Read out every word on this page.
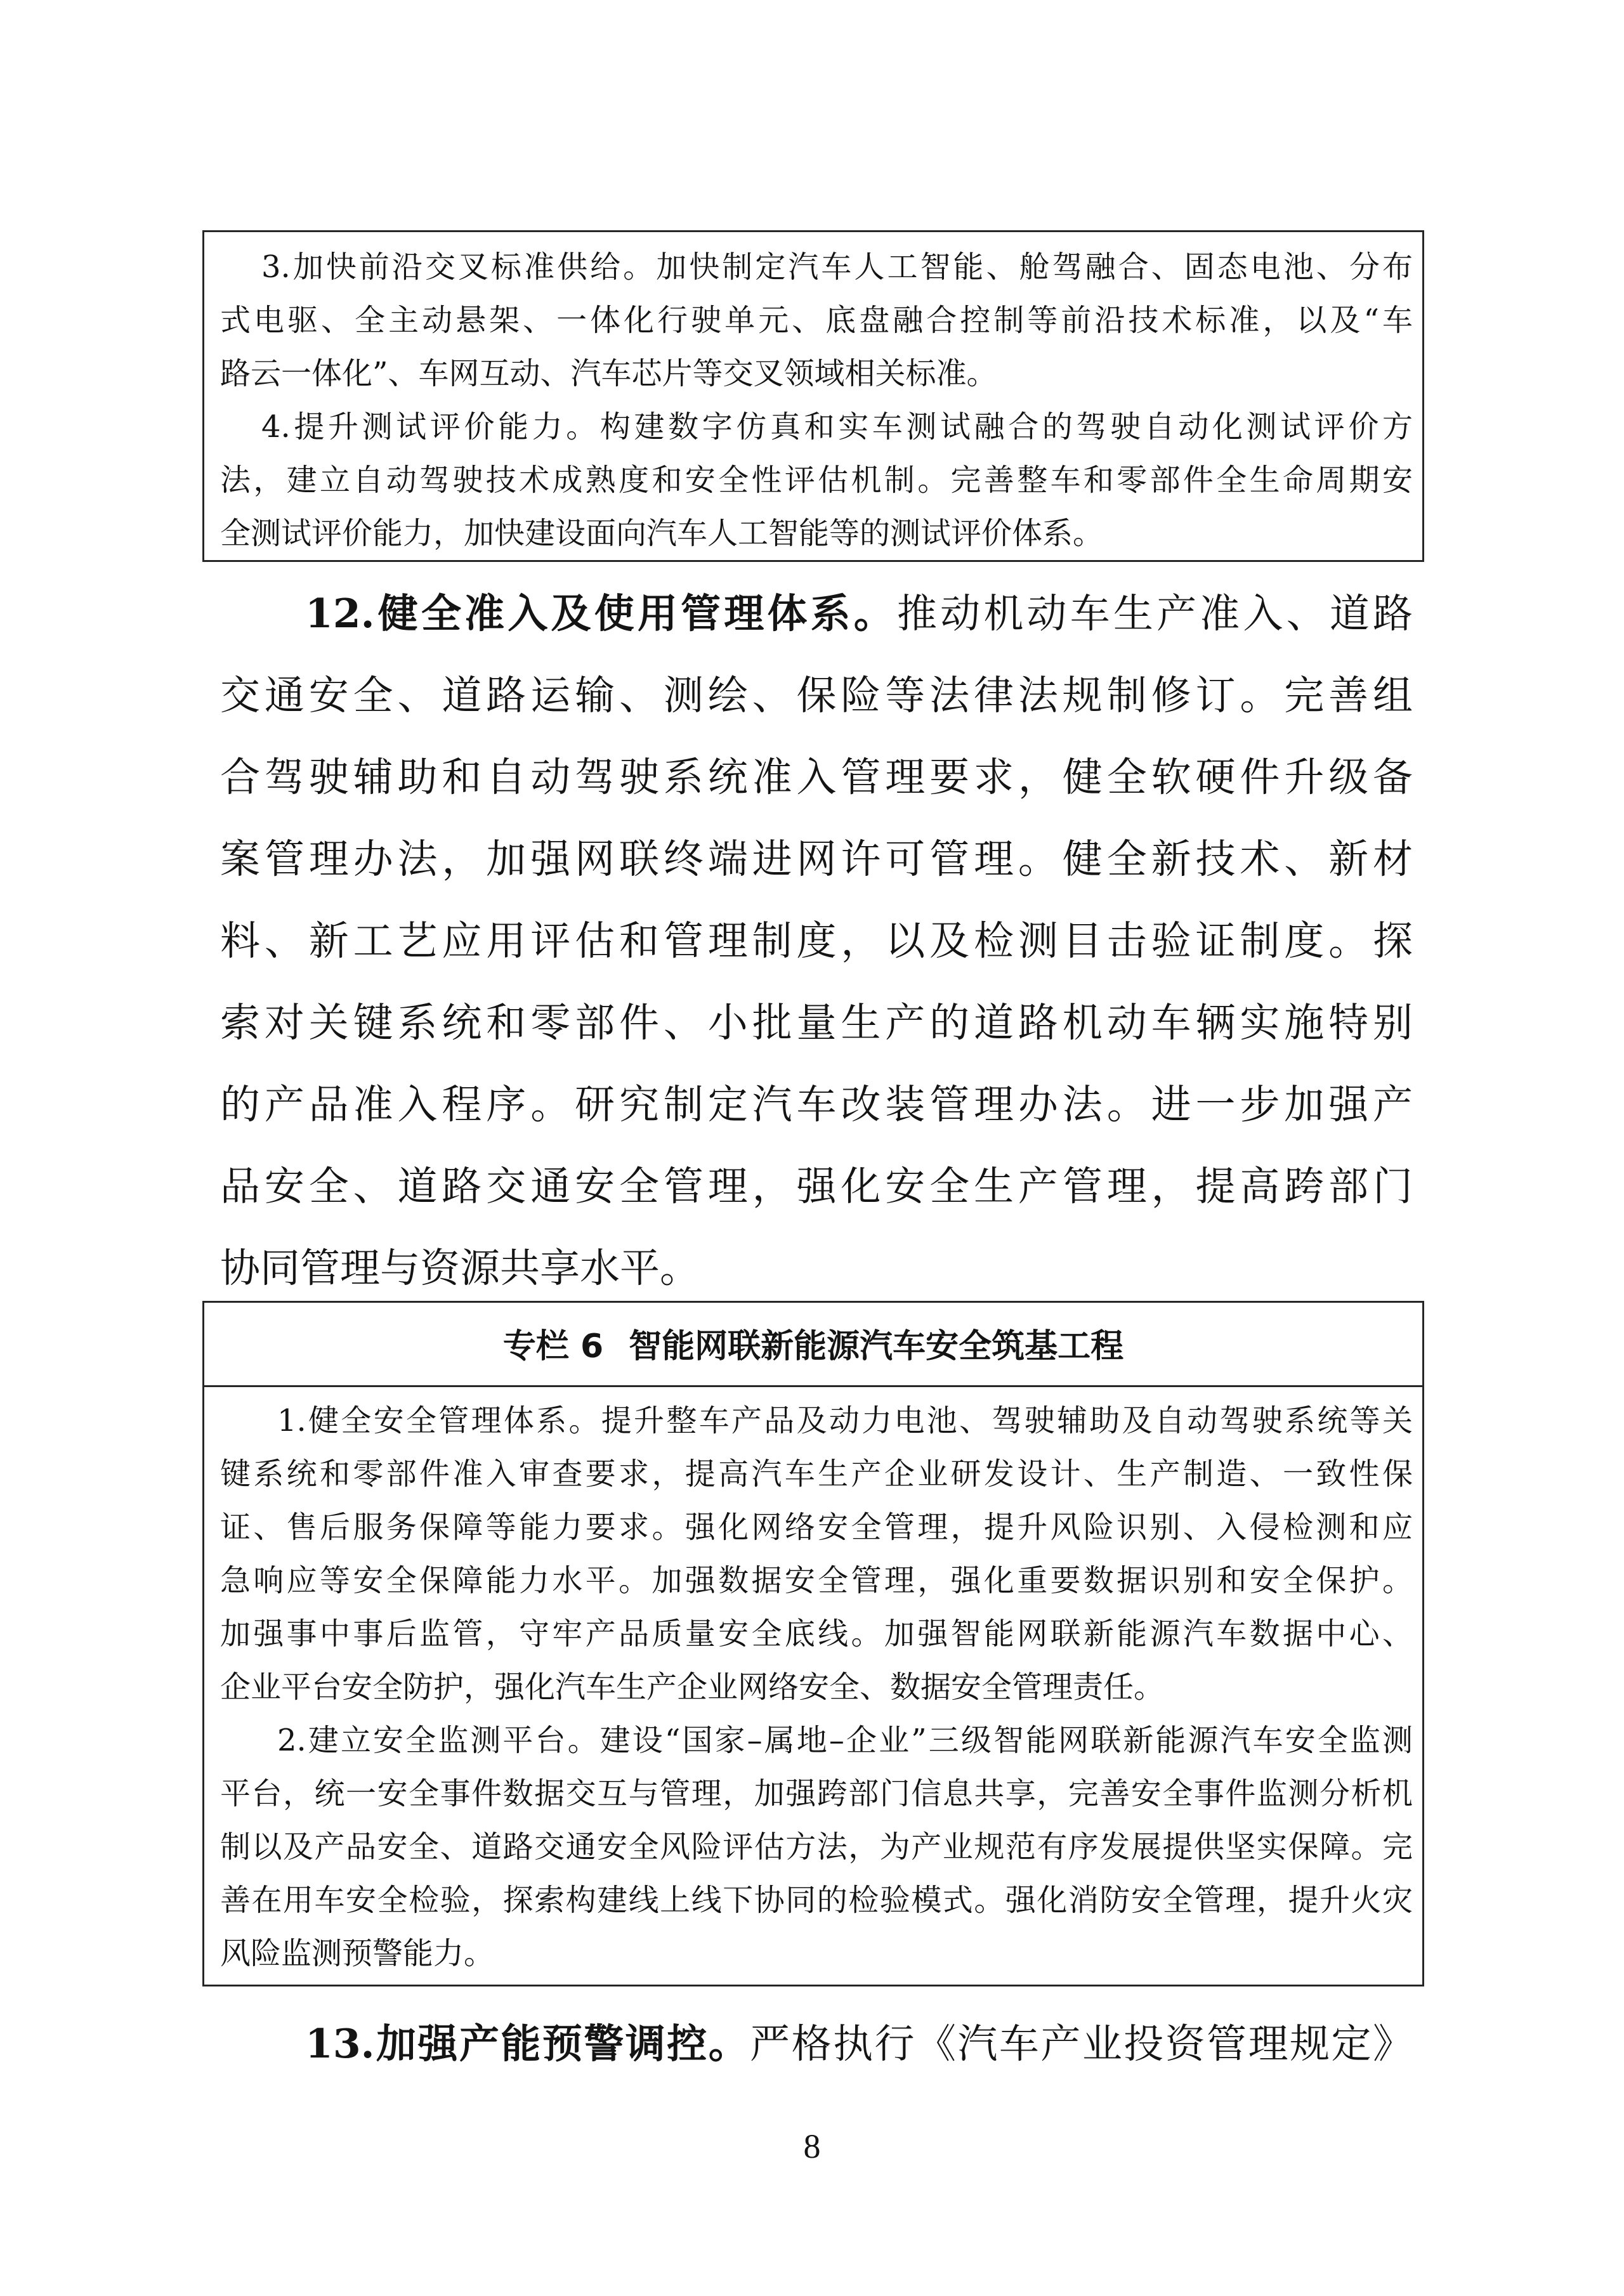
3.加快前沿交叉标准供给。加快制定汽车人工智能、舱驾融合、固态电池、分布
式电驱、全主动悬架、一体化行驶单元、底盘融合控制等前沿技术标准，以及“车
路云一体化”、车网互动、汽车芯片等交叉领域相关标准。
4.提升测试评价能力。构建数字仿真和实车测试融合的驾驶自动化测试评价方
法，建立自动驾驶技术成熟度和安全性评估机制。完善整车和零部件全生命周期安
全测试评价能力，加快建设面向汽车人工智能等的测试评价体系。
12.健全准入及使用管理体系。推动机动车生产准入、道路
交通安全、道路运输、测绘、保险等法律法规制修订。完善组
合驾驶辅助和自动驾驶系统准入管理要求，健全软硬件升级备
案管理办法，加强网联终端进网许可管理。健全新技术、新材
料、新工艺应用评估和管理制度，以及检测目击验证制度。探
索对关键系统和零部件、小批量生产的道路机动车辆实施特别
的产品准入程序。研究制定汽车改装管理办法。进一步加强产
品安全、道路交通安全管理，强化安全生产管理，提高跨部门
协同管理与资源共享水平。
专栏 6 智能网联新能源汽车安全筑基工程
1.健全安全管理体系。提升整车产品及动力电池、驾驶辅助及自动驾驶系统等关
键系统和零部件准入审查要求，提高汽车生产企业研发设计、生产制造、一致性保
证、售后服务保障等能力要求。强化网络安全管理，提升风险识别、入侵检测和应
急响应等安全保障能力水平。加强数据安全管理，强化重要数据识别和安全保护。
加强事中事后监管，守牢产品质量安全底线。加强智能网联新能源汽车数据中心、
企业平台安全防护，强化汽车生产企业网络安全、数据安全管理责任。
2.建立安全监测平台。建设“国家–属地–企业”三级智能网联新能源汽车安全监测
平台，统一安全事件数据交互与管理，加强跨部门信息共享，完善安全事件监测分析机
制以及产品安全、道路交通安全风险评估方法，为产业规范有序发展提供坚实保障。完
善在用车安全检验，探索构建线上线下协同的检验模式。强化消防安全管理，提升火灾
风险监测预警能力。
13.加强产能预警调控。严格执行《汽车产业投资管理规定》
8
